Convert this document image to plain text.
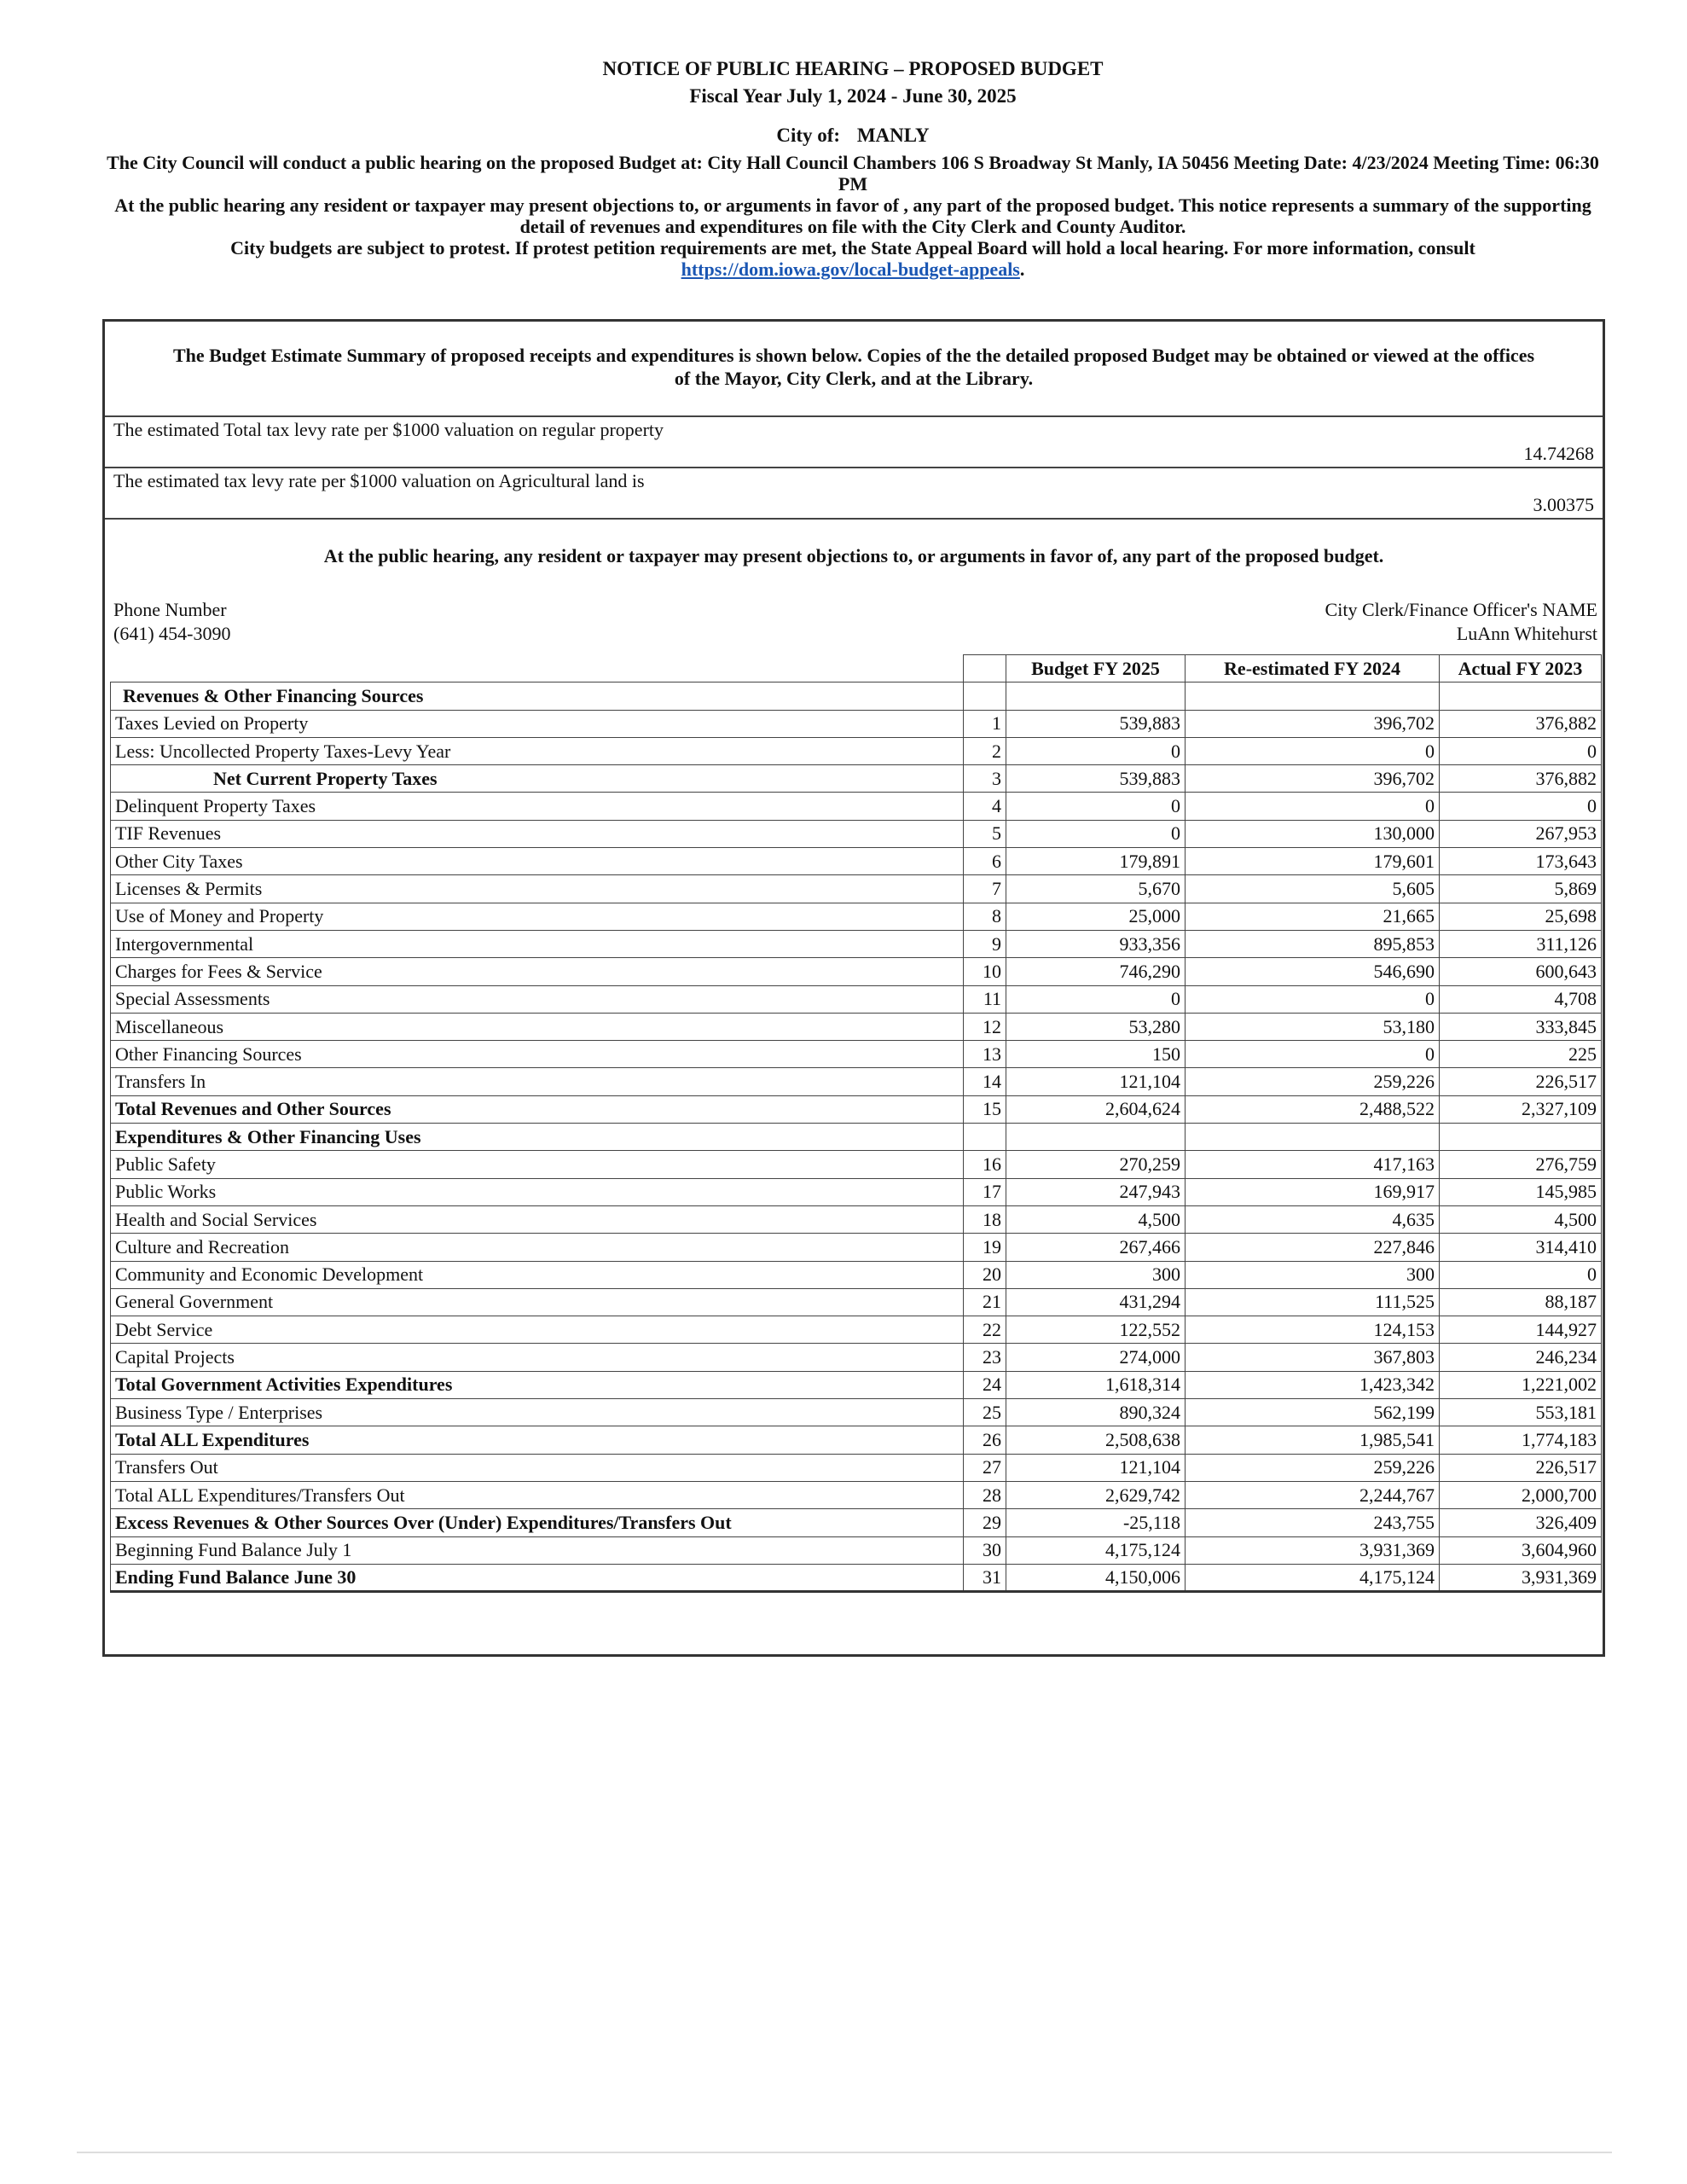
NOTICE OF PUBLIC HEARING – PROPOSED BUDGET
Fiscal Year July 1, 2024 - June 30, 2025
City of: MANLY

The City Council will conduct a public hearing on the proposed Budget at: City Hall Council Chambers 106 S Broadway St Manly, IA 50456 Meeting Date: 4/23/2024 Meeting Time: 06:30 PM

At the public hearing any resident or taxpayer may present objections to, or arguments in favor of , any part of the proposed budget. This notice represents a summary of the supporting detail of revenues and expenditures on file with the City Clerk and County Auditor.

City budgets are subject to protest. If protest petition requirements are met, the State Appeal Board will hold a local hearing. For more information, consult
https://dom.iowa.gov/local-budget-appeals.

The Budget Estimate Summary of proposed receipts and expenditures is shown below. Copies of the the detailed proposed Budget may be obtained or viewed at the offices of the Mayor, City Clerk, and at the Library.
The estimated Total tax levy rate per $1000 valuation on regular property
14.74268
The estimated tax levy rate per $1000 valuation on Agricultural land is
3.00375
At the public hearing, any resident or taxpayer may present objections to, or arguments in favor of, any part of the proposed budget.
Phone Number
(641) 454-3090
City Clerk/Finance Officer's NAME
LuAnn Whitehurst
		Budget FY 2025	Re-estimated FY 2024	Actual FY 2023
Revenues & Other Financing Sources				
Taxes Levied on Property	1	539,883	396,702	376,882
Less: Uncollected Property Taxes-Levy Year	2	0	0	0
Net Current Property Taxes	3	539,883	396,702	376,882
Delinquent Property Taxes	4	0	0	0
TIF Revenues	5	0	130,000	267,953
Other City Taxes	6	179,891	179,601	173,643
Licenses & Permits	7	5,670	5,605	5,869
Use of Money and Property	8	25,000	21,665	25,698
Intergovernmental	9	933,356	895,853	311,126
Charges for Fees & Service	10	746,290	546,690	600,643
Special Assessments	11	0	0	4,708
Miscellaneous	12	53,280	53,180	333,845
Other Financing Sources	13	150	0	225
Transfers In	14	121,104	259,226	226,517
Total Revenues and Other Sources	15	2,604,624	2,488,522	2,327,109
Expenditures & Other Financing Uses				
Public Safety	16	270,259	417,163	276,759
Public Works	17	247,943	169,917	145,985
Health and Social Services	18	4,500	4,635	4,500
Culture and Recreation	19	267,466	227,846	314,410
Community and Economic Development	20	300	300	0
General Government	21	431,294	111,525	88,187
Debt Service	22	122,552	124,153	144,927
Capital Projects	23	274,000	367,803	246,234
Total Government Activities Expenditures	24	1,618,314	1,423,342	1,221,002
Business Type / Enterprises	25	890,324	562,199	553,181
Total ALL Expenditures	26	2,508,638	1,985,541	1,774,183
Transfers Out	27	121,104	259,226	226,517
Total ALL Expenditures/Transfers Out	28	2,629,742	2,244,767	2,000,700
Excess Revenues & Other Sources Over (Under) Expenditures/Transfers Out	29	-25,118	243,755	326,409
Beginning Fund Balance July 1	30	4,175,124	3,931,369	3,604,960
Ending Fund Balance June 30	31	4,150,006	4,175,124	3,931,369
